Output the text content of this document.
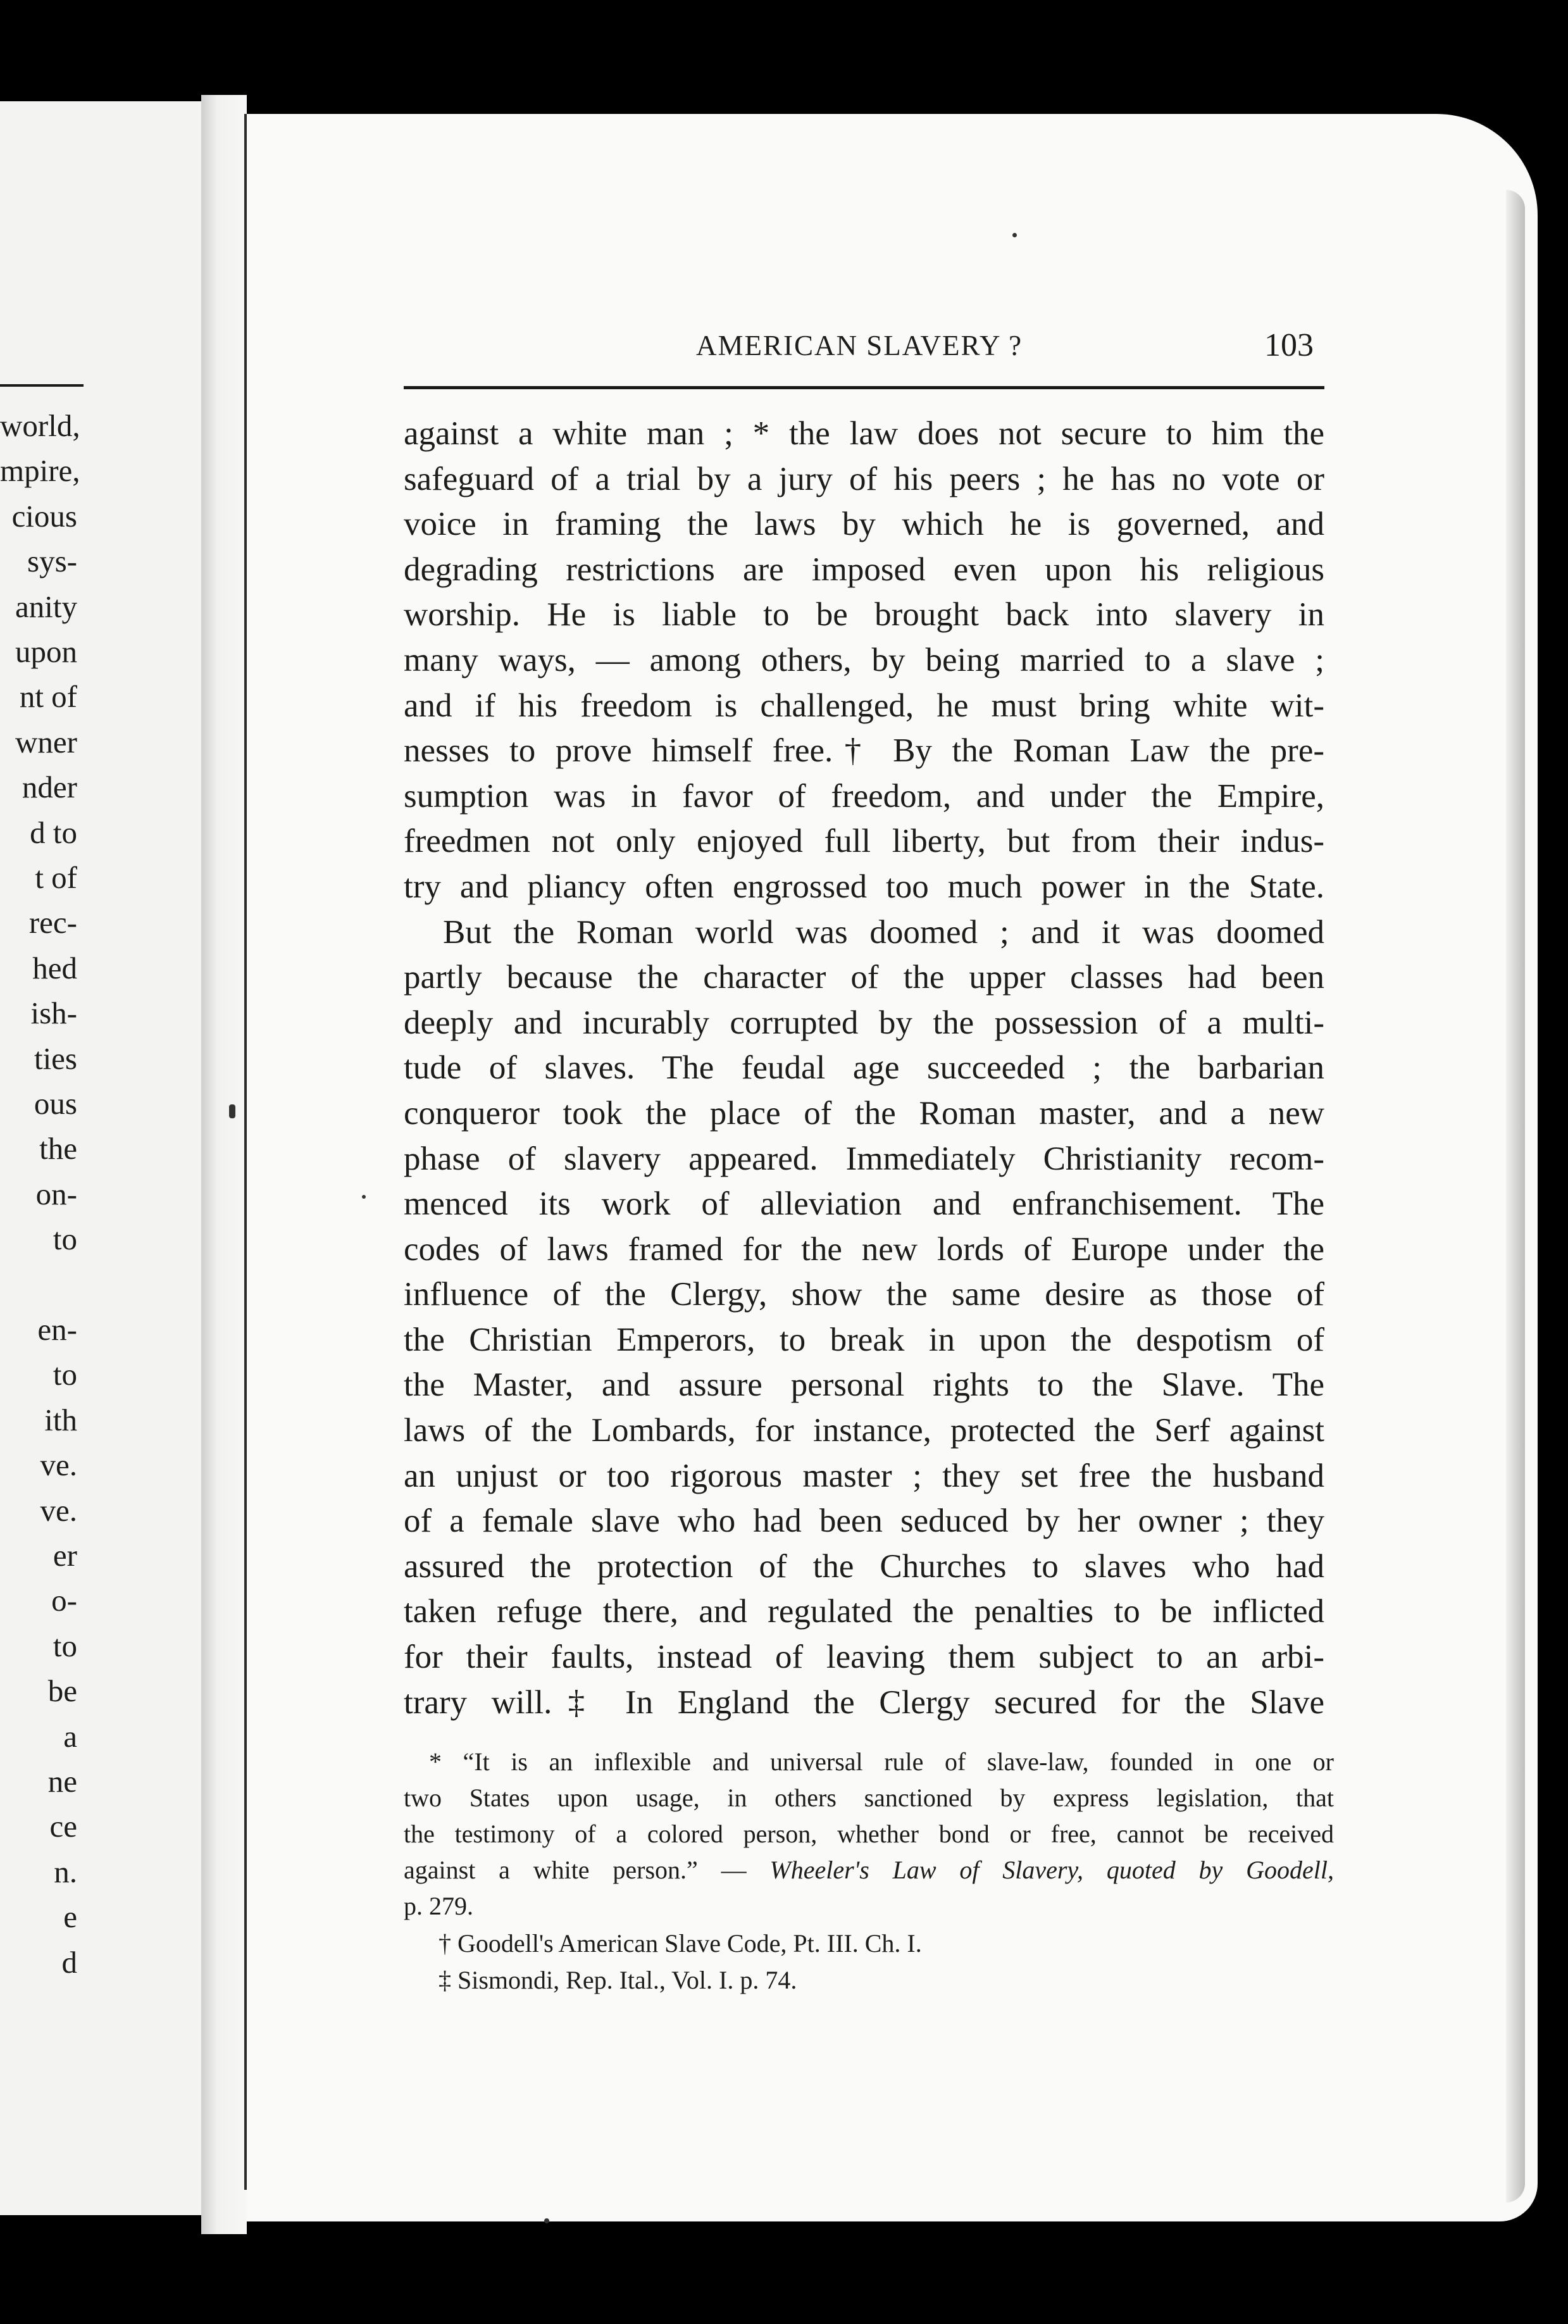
world,
mpire,
cious
sys-
anity
upon
nt of
wner
nder
d to
t of
rec-
hed
ish-
ties
ous
the
on-
to
en-
to
ith
ve.
ve.
er
o-
to
be
a
ne
ce
n.
e
d
AMERICAN SLAVERY ?	103
against a white man ; * the law does not secure to him the
safeguard of a trial by a jury of his peers ; he has no vote or
voice in framing the laws by which he is governed, and
degrading restrictions are imposed even upon his religious
worship. He is liable to be brought back into slavery in
many ways, — among others, by being married to a slave ;
and if his freedom is challenged, he must bring white wit-
nesses to prove himself free.† By the Roman Law the pre-
sumption was in favor of freedom, and under the Empire,
freedmen not only enjoyed full liberty, but from their indus-
try and pliancy often engrossed too much power in the State.
But the Roman world was doomed ; and it was doomed
partly because the character of the upper classes had been
deeply and incurably corrupted by the possession of a multi-
tude of slaves. The feudal age succeeded ; the barbarian
conqueror took the place of the Roman master, and a new
phase of slavery appeared. Immediately Christianity recom-
menced its work of alleviation and enfranchisement. The
codes of laws framed for the new lords of Europe under the
influence of the Clergy, show the same desire as those of
the Christian Emperors, to break in upon the despotism of
the Master, and assure personal rights to the Slave. The
laws of the Lombards, for instance, protected the Serf against
an unjust or too rigorous master ; they set free the husband
of a female slave who had been seduced by her owner ; they
assured the protection of the Churches to slaves who had
taken refuge there, and regulated the penalties to be inflicted
for their faults, instead of leaving them subject to an arbi-
trary will.‡ In England the Clergy secured for the Slave
* “It is an inflexible and universal rule of slave-law, founded in one or
two States upon usage, in others sanctioned by express legislation, that
the testimony of a colored person, whether bond or free, cannot be received
against a white person.” — Wheeler's Law of Slavery, quoted by Goodell,
p. 279.
† Goodell's American Slave Code, Pt. III. Ch. I.
‡ Sismondi, Rep. Ital., Vol. I. p. 74.
